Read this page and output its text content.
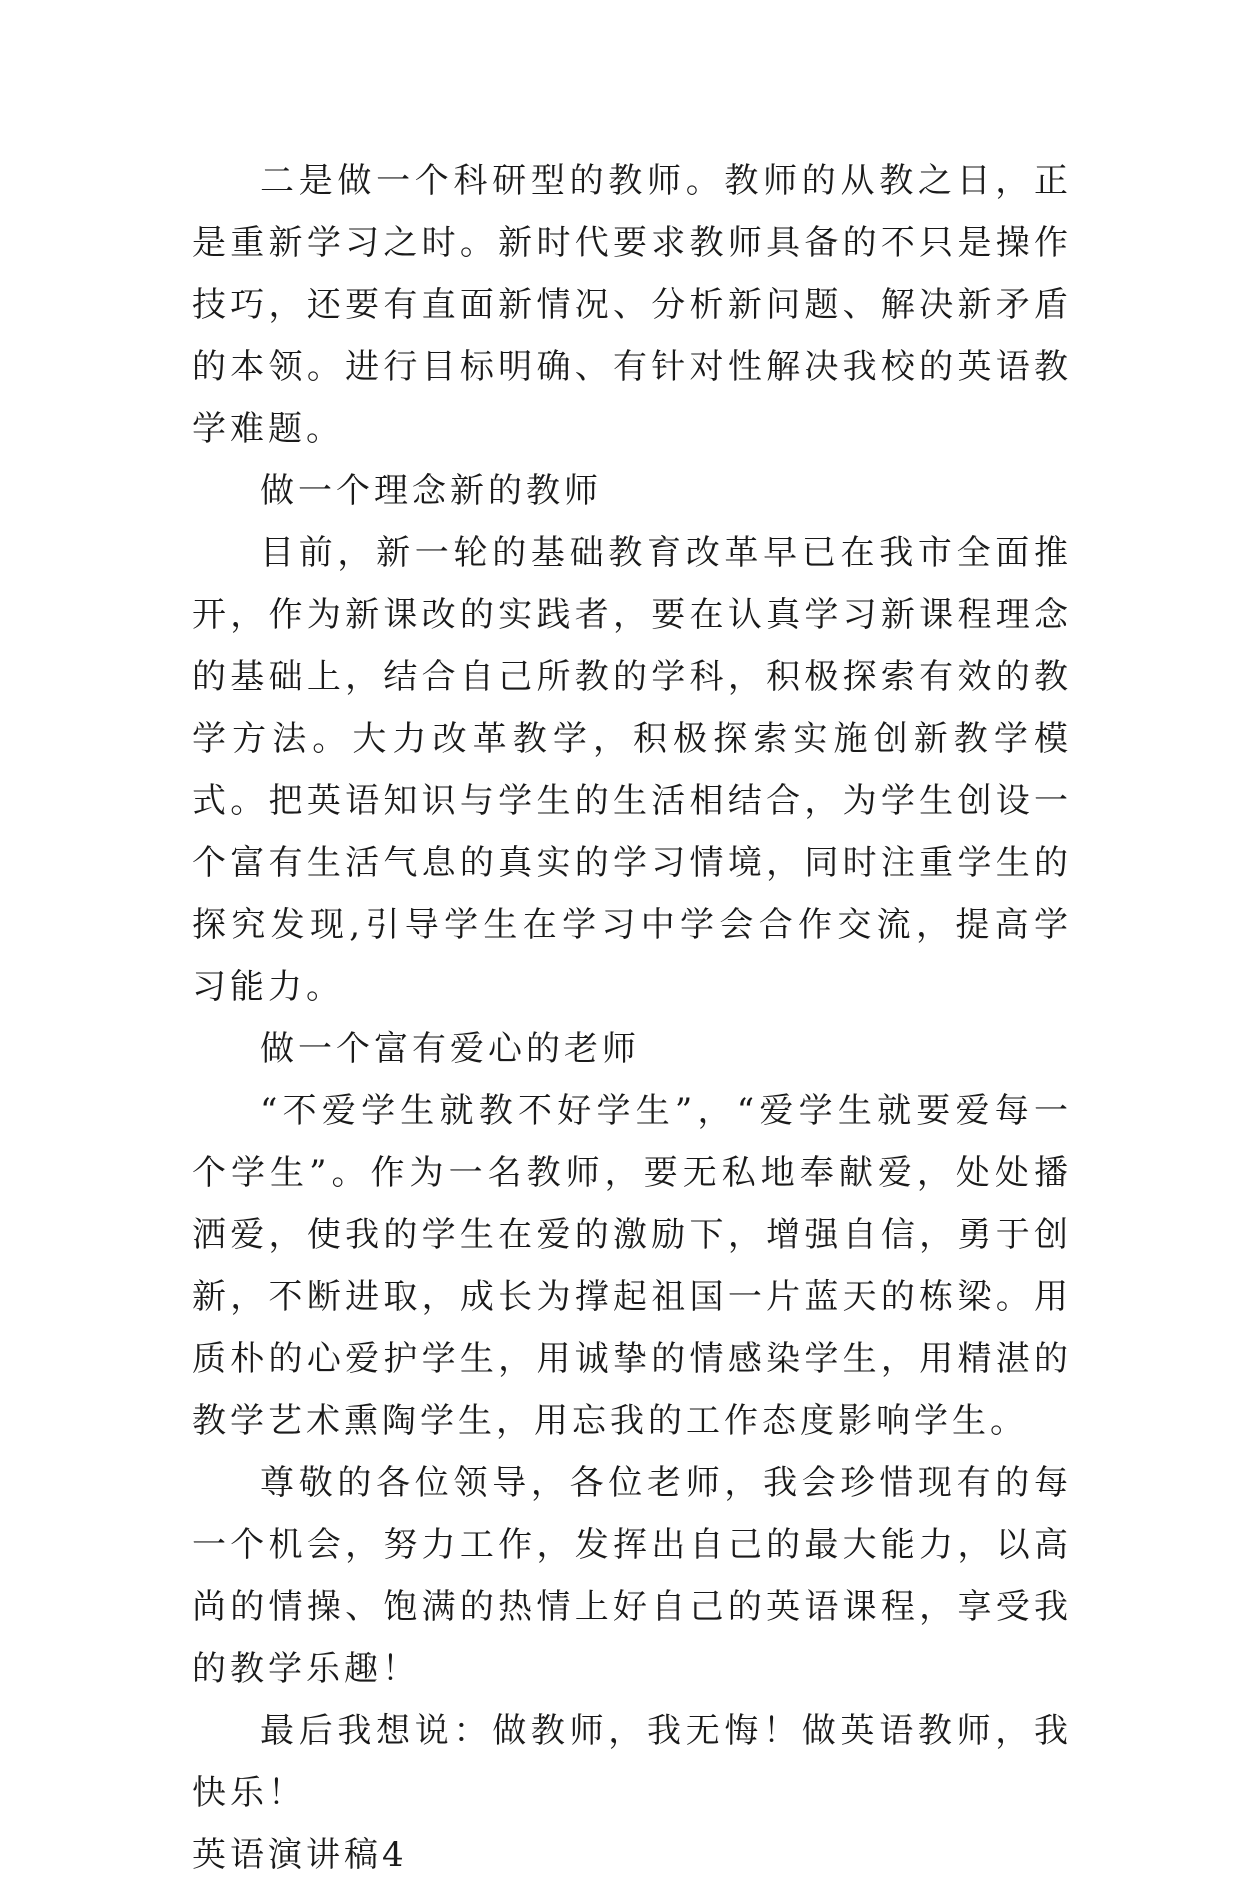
二是做一个科研型的教师。教师的从教之日，正是重新学习之时。新时代要求教师具备的不只是操作技巧，还要有直面新情况、分析新问题、解决新矛盾的本领。进行目标明确、有针对性解决我校的英语教学难题。

做一个理念新的教师

目前，新一轮的基础教育改革早已在我市全面推开，作为新课改的实践者，要在认真学习新课程理念的基础上，结合自己所教的学科，积极探索有效的教学方法。大力改革教学，积极探索实施创新教学模式。把英语知识与学生的生活相结合，为学生创设一个富有生活气息的真实的学习情境，同时注重学生的探究发现,引导学生在学习中学会合作交流，提高学习能力。

做一个富有爱心的老师

“不爱学生就教不好学生”，“爱学生就要爱每一个学生”。作为一名教师，要无私地奉献爱，处处播洒爱，使我的学生在爱的激励下，增强自信，勇于创新，不断进取，成长为撑起祖国一片蓝天的栋梁。用质朴的心爱护学生，用诚挚的情感染学生，用精湛的教学艺术熏陶学生，用忘我的工作态度影响学生。

尊敬的各位领导，各位老师，我会珍惜现有的每一个机会，努力工作，发挥出自己的最大能力，以高尚的情操、饱满的热情上好自己的英语课程，享受我的教学乐趣！

最后我想说：做教师，我无悔！做英语教师，我快乐！

英语演讲稿4
